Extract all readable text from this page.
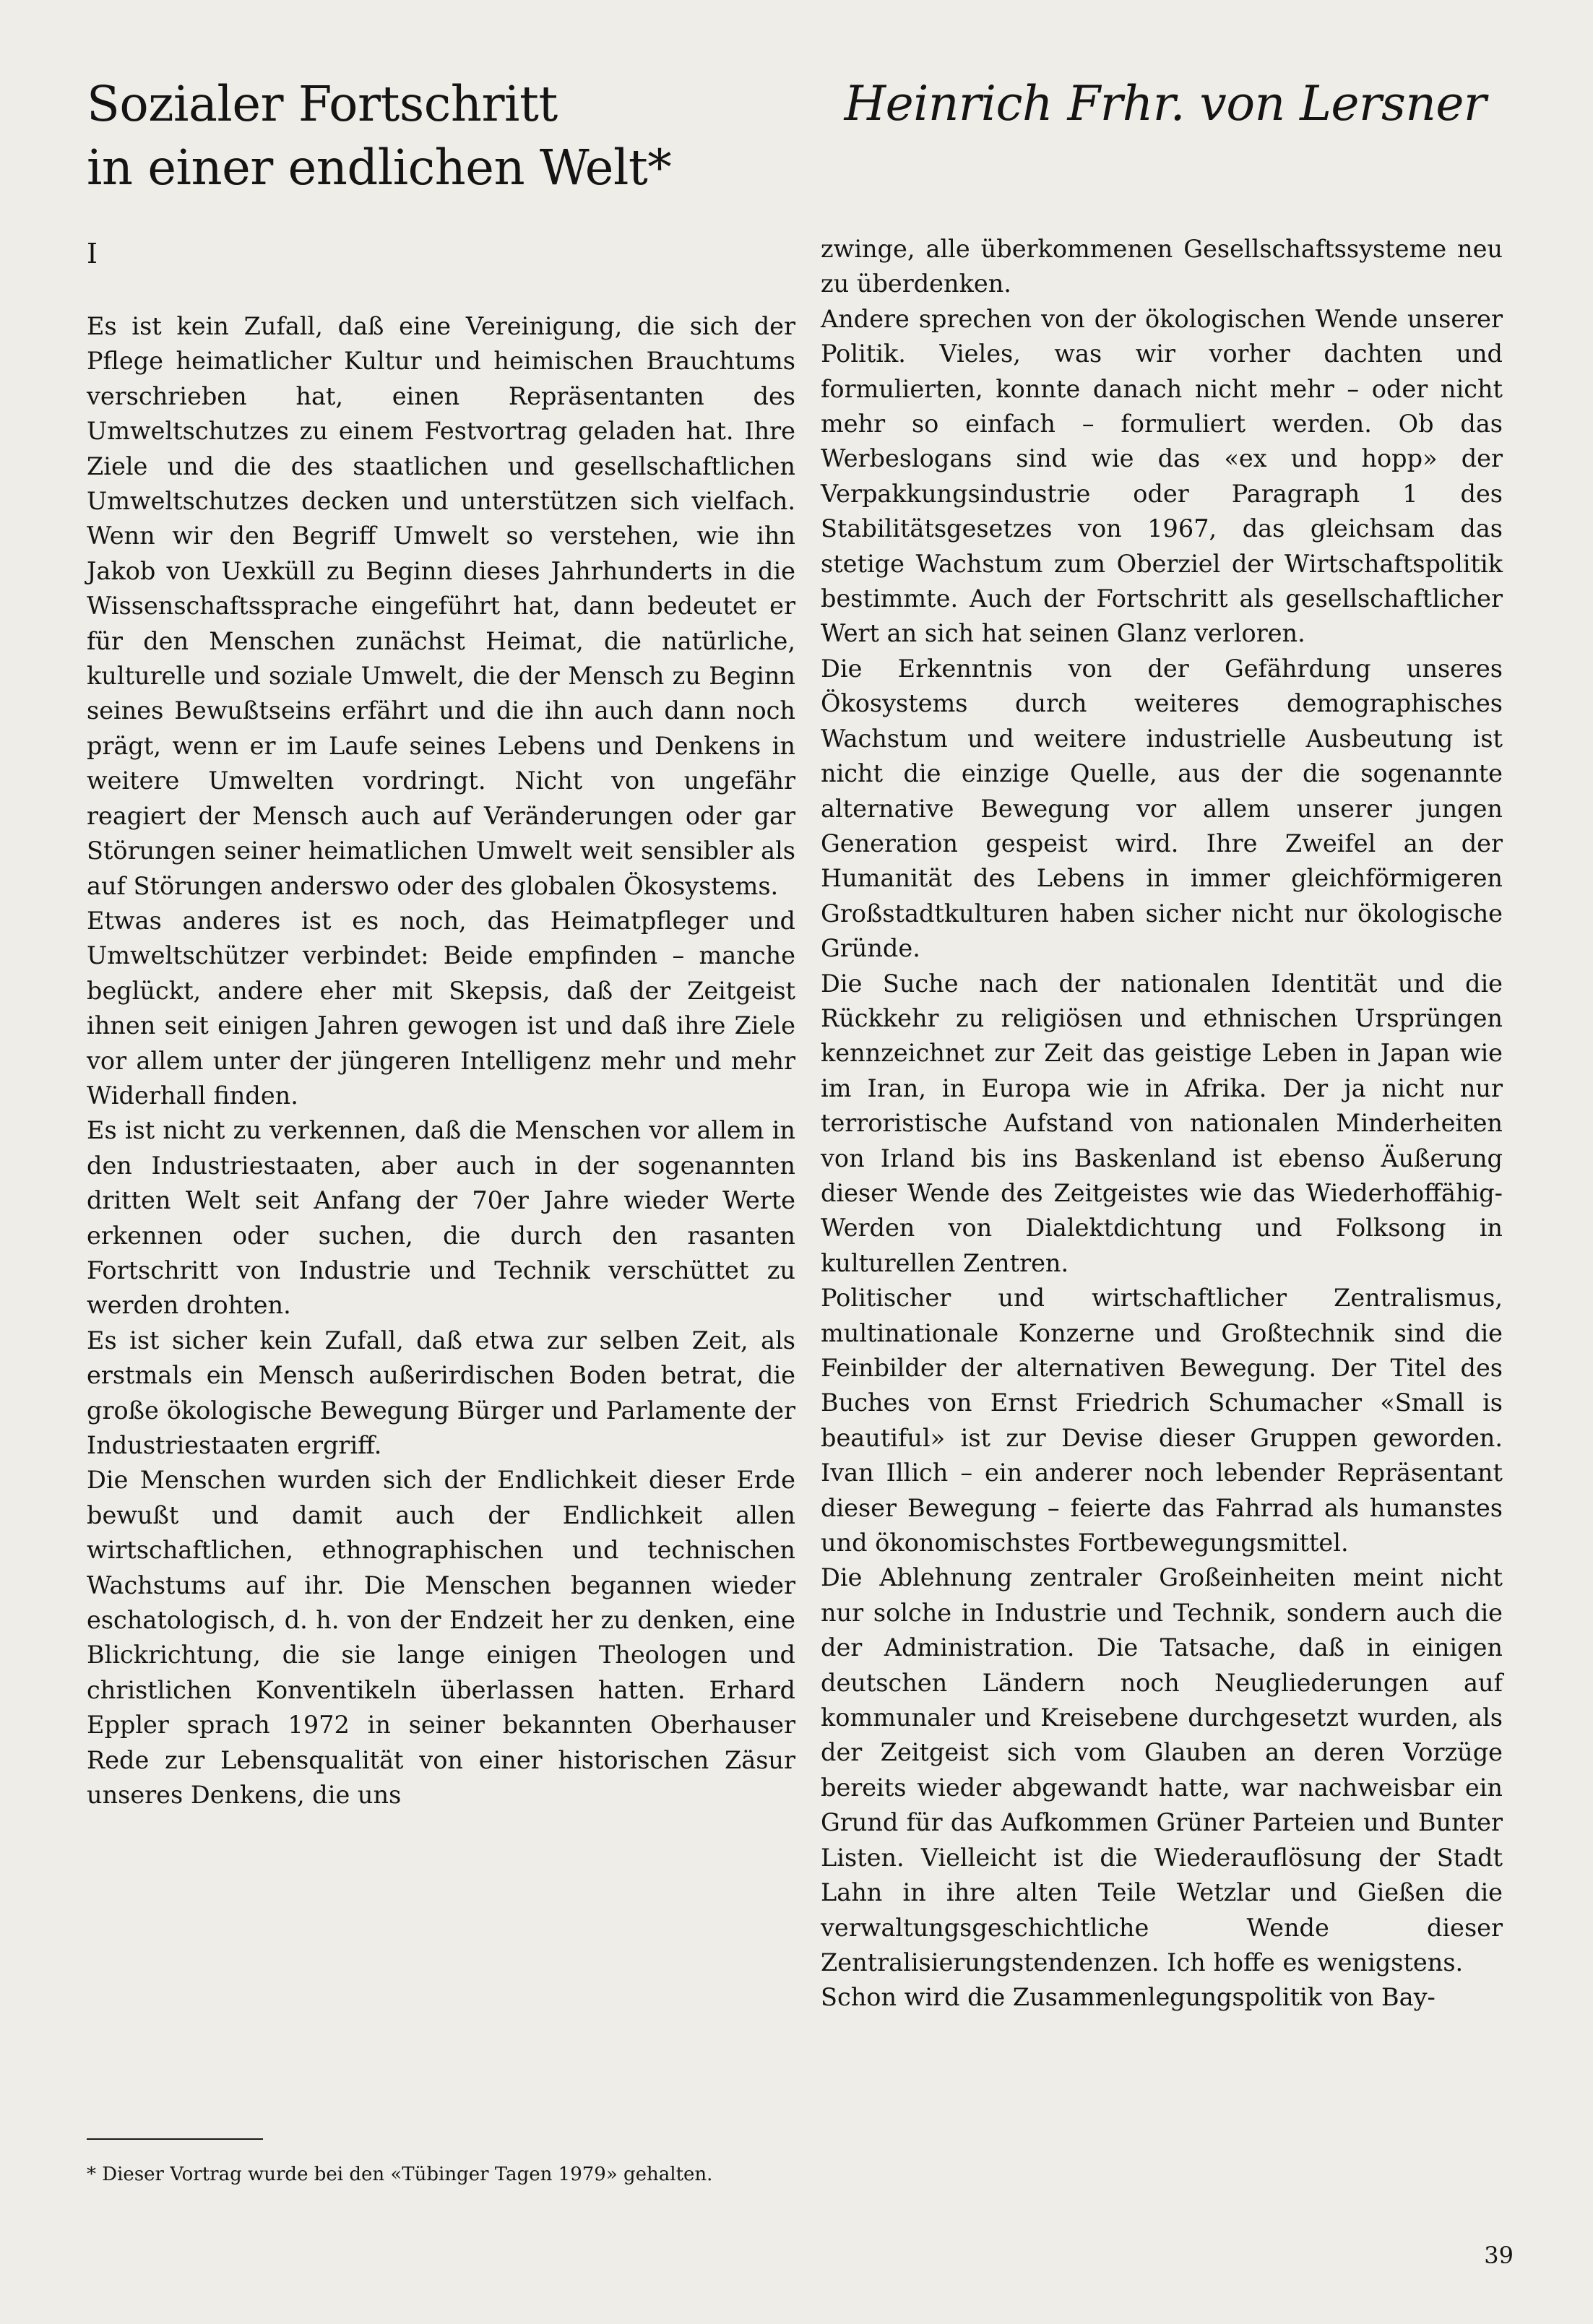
Sozialer Fortschritt
in einer endlichen Welt*
Heinrich Frhr. von Lersner
I

Es ist kein Zufall, daß eine Vereinigung, die sich der Pflege heimatlicher Kultur und heimischen Brauchtums verschrieben hat, einen Repräsentanten des Umweltschutzes zu einem Festvortrag geladen hat. Ihre Ziele und die des staatlichen und gesellschaftlichen Umweltschutzes decken und unterstützen sich vielfach. Wenn wir den Begriff Umwelt so verstehen, wie ihn Jakob von Uexküll zu Beginn dieses Jahrhunderts in die Wissenschaftssprache eingeführt hat, dann bedeutet er für den Menschen zunächst Heimat, die natürliche, kulturelle und soziale Umwelt, die der Mensch zu Beginn seines Bewußtseins erfährt und die ihn auch dann noch prägt, wenn er im Laufe seines Lebens und Denkens in weitere Umwelten vordringt. Nicht von ungefähr reagiert der Mensch auch auf Veränderungen oder gar Störungen seiner heimatlichen Umwelt weit sensibler als auf Störungen anderswo oder des globalen Ökosystems.

Etwas anderes ist es noch, das Heimatpfleger und Umweltschützer verbindet: Beide empfinden – manche beglückt, andere eher mit Skepsis, daß der Zeitgeist ihnen seit einigen Jahren gewogen ist und daß ihre Ziele vor allem unter der jüngeren Intelligenz mehr und mehr Widerhall finden.

Es ist nicht zu verkennen, daß die Menschen vor allem in den Industriestaaten, aber auch in der sogenannten dritten Welt seit Anfang der 70er Jahre wieder Werte erkennen oder suchen, die durch den rasanten Fortschritt von Industrie und Technik verschüttet zu werden drohten.

Es ist sicher kein Zufall, daß etwa zur selben Zeit, als erstmals ein Mensch außerirdischen Boden betrat, die große ökologische Bewegung Bürger und Parlamente der Industriestaaten ergriff.

Die Menschen wurden sich der Endlichkeit dieser Erde bewußt und damit auch der Endlichkeit allen wirtschaftlichen, ethnographischen und technischen Wachstums auf ihr. Die Menschen begannen wieder eschatologisch, d. h. von der Endzeit her zu denken, eine Blickrichtung, die sie lange einigen Theologen und christlichen Konventikeln überlassen hatten. Erhard Eppler sprach 1972 in seiner bekannten Oberhauser Rede zur Lebensqualität von einer historischen Zäsur unseres Denkens, die uns

zwinge, alle überkommenen Gesellschaftssysteme neu zu überdenken.

Andere sprechen von der ökologischen Wende unserer Politik. Vieles, was wir vorher dachten und formulierten, konnte danach nicht mehr – oder nicht mehr so einfach – formuliert werden. Ob das Werbeslogans sind wie das «ex und hopp» der Verpakkungsindustrie oder Paragraph 1 des Stabilitätsgesetzes von 1967, das gleichsam das stetige Wachstum zum Oberziel der Wirtschaftspolitik bestimmte. Auch der Fortschritt als gesellschaftlicher Wert an sich hat seinen Glanz verloren.

Die Erkenntnis von der Gefährdung unseres Ökosystems durch weiteres demographisches Wachstum und weitere industrielle Ausbeutung ist nicht die einzige Quelle, aus der die sogenannte alternative Bewegung vor allem unserer jungen Generation gespeist wird. Ihre Zweifel an der Humanität des Lebens in immer gleichförmigeren Großstadtkulturen haben sicher nicht nur ökologische Gründe.

Die Suche nach der nationalen Identität und die Rückkehr zu religiösen und ethnischen Ursprüngen kennzeichnet zur Zeit das geistige Leben in Japan wie im Iran, in Europa wie in Afrika. Der ja nicht nur terroristische Aufstand von nationalen Minderheiten von Irland bis ins Baskenland ist ebenso Äußerung dieser Wende des Zeitgeistes wie das Wiederhoffähig-Werden von Dialektdichtung und Folksong in kulturellen Zentren.

Politischer und wirtschaftlicher Zentralismus, multinationale Konzerne und Großtechnik sind die Feinbilder der alternativen Bewegung. Der Titel des Buches von Ernst Friedrich Schumacher «Small is beautiful» ist zur Devise dieser Gruppen geworden. Ivan Illich – ein anderer noch lebender Repräsentant dieser Bewegung – feierte das Fahrrad als humanstes und ökonomischstes Fortbewegungsmittel.

Die Ablehnung zentraler Großeinheiten meint nicht nur solche in Industrie und Technik, sondern auch die der Administration. Die Tatsache, daß in einigen deutschen Ländern noch Neugliederungen auf kommunaler und Kreisebene durchgesetzt wurden, als der Zeitgeist sich vom Glauben an deren Vorzüge bereits wieder abgewandt hatte, war nachweisbar ein Grund für das Aufkommen Grüner Parteien und Bunter Listen. Vielleicht ist die Wiederauflösung der Stadt Lahn in ihre alten Teile Wetzlar und Gießen die verwaltungsgeschichtliche Wende dieser Zentralisierungstendenzen. Ich hoffe es wenigstens.

Schon wird die Zusammenlegungspolitik von Bay-

* Dieser Vortrag wurde bei den «Tübinger Tagen 1979» gehalten.
39
